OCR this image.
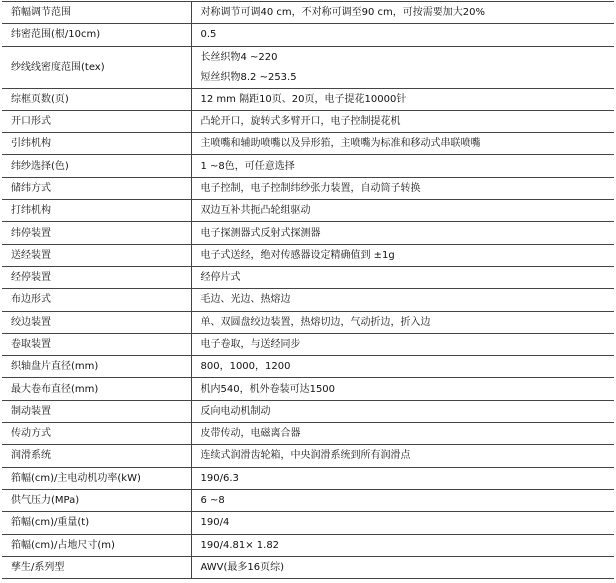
筘幅调节范围	对称调节可调40 cm，不对称可调至90 cm，可按需要加大20%
纬密范围(根/10cm)	0.5
纱线线密度范围(tex)	长丝织物4 ~220
短丝织物8.2 ~253.5

综框页数(页)	12 mm 隔距10页、20页，电子提花10000针
开口形式	凸轮开口，旋转式多臂开口，电子控制提花机
引纬机构	主喷嘴和辅助喷嘴以及异形筘，主喷嘴为标准和移动式串联喷嘴
纬纱选择(色)	1 ~8色，可任意选择
储纬方式	电子控制，电子控制纬纱张力装置，自动筒子转换
打纬机构	双边互补共扼凸轮组驱动
纬停装置	电子探测器式反射式探测器
送经装置	电子式送经，绝对传感器设定精确值到 ±1g
经停装置	经停片式
布边形式	毛边、光边、热熔边
绞边装置	单、双圆盘绞边装置，热熔切边，气动折边，折入边
卷取装置	电子卷取，与送经同步
织轴盘片直径(mm)	800，1000，1200
最大卷布直径(mm)	机内540，机外卷装可达1500
制动装置	反向电动机制动
传动方式	皮带传动，电磁离合器
润滑系统	连续式润滑齿轮箱，中央润滑系统到所有润滑点
筘幅(cm)/主电动机功率(kW)	190/6.3
供气压力(MPa)	6 ~8
筘幅(cm)/重量(t)	190/4
筘幅(cm)/占地尺寸(m)	190/4.81× 1.82
孳生/系列型	AWV(最多16页综)
